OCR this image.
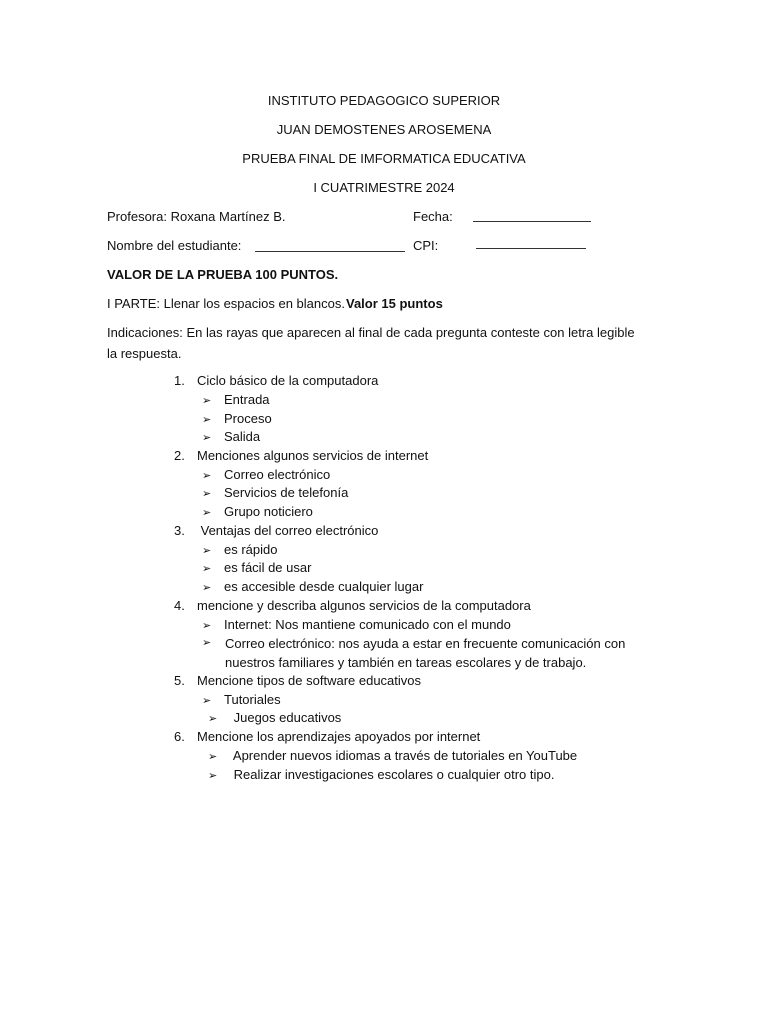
INSTITUTO PEDAGOGICO SUPERIOR
JUAN DEMOSTENES AROSEMENA
PRUEBA FINAL DE IMFORMATICA EDUCATIVA
I CUATRIMESTRE 2024
Profesora: Roxana Martínez B.	Fecha:
Nombre del estudiante:	CPI:
VALOR DE LA PRUEBA 100 PUNTOS.
I PARTE: Llenar los espacios en blancos. Valor 15 puntos
Indicaciones: En las rayas que aparecen al final de cada pregunta conteste con letra legible la respuesta.
1. Ciclo básico de la computadora
➢ Entrada
➢ Proceso
➢ Salida
2. Menciones algunos servicios de internet
➢ Correo electrónico
➢ Servicios de telefonía
➢ Grupo noticiero
3. Ventajas del correo electrónico
➢ es rápido
➢ es fácil de usar
➢ es accesible desde cualquier lugar
4. mencione y describa algunos servicios de la computadora
➢ Internet: Nos mantiene comunicado con el mundo
➢	Correo electrónico: nos ayuda a estar en frecuente comunicación con nuestros familiares y también en tareas escolares y de trabajo.
5. Mencione tipos de software educativos
➢ Tutoriales
➢ Juegos educativos
6. Mencione los aprendizajes apoyados por internet
➢ Aprender nuevos idiomas a través de tutoriales en YouTube
➢ Realizar investigaciones escolares o cualquier otro tipo.
